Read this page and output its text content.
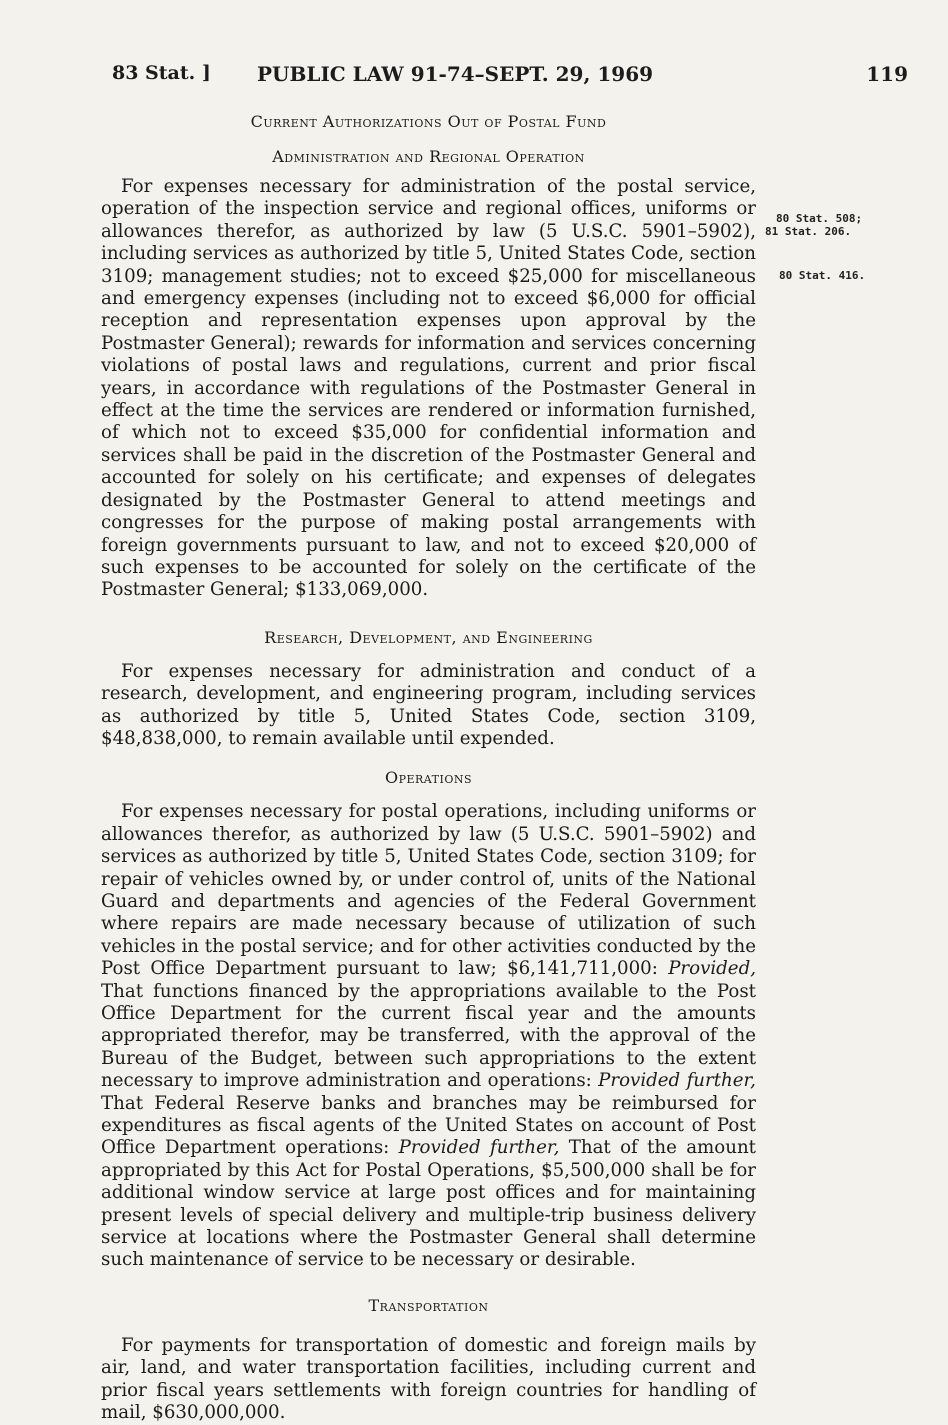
83 Stat. ] PUBLIC LAW 91-74–SEPT. 29, 1969	119

Current Authorizations Out of Postal Fund

Administration and Regional Operation

For expenses necessary for administration of the postal service, operation of the inspection service and regional offices, uniforms or allowances therefor, as authorized by law (5 U.S.C. 5901–5902), including services as authorized by title 5, United States Code, section 3109; management studies; not to exceed $25,000 for miscellaneous and emergency expenses (including not to exceed $6,000 for official reception and representation expenses upon approval by the Postmaster General); rewards for information and services concerning violations of postal laws and regulations, current and prior fiscal years, in accordance with regulations of the Postmaster General in effect at the time the services are rendered or information furnished, of which not to exceed $35,000 for confidential information and services shall be paid in the discretion of the Postmaster General and accounted for solely on his certificate; and expenses of delegates designated by the Postmaster General to attend meetings and congresses for the purpose of making postal arrangements with foreign governments pursuant to law, and not to exceed $20,000 of such expenses to be accounted for solely on the certificate of the Postmaster General; $133,069,000.

Research, Development, and Engineering

For expenses necessary for administration and conduct of a research, development, and engineering program, including services as authorized by title 5, United States Code, section 3109, $48,838,000, to remain available until expended.

Operations

For expenses necessary for postal operations, including uniforms or allowances therefor, as authorized by law (5 U.S.C. 5901–5902) and services as authorized by title 5, United States Code, section 3109; for repair of vehicles owned by, or under control of, units of the National Guard and departments and agencies of the Federal Government where repairs are made necessary because of utilization of such vehicles in the postal service; and for other activities conducted by the Post Office Department pursuant to law; $6,141,711,000: Provided, That functions financed by the appropriations available to the Post Office Department for the current fiscal year and the amounts appropriated therefor, may be transferred, with the approval of the Bureau of the Budget, between such appropriations to the extent necessary to improve administration and operations: Provided further, That Federal Reserve banks and branches may be reimbursed for expenditures as fiscal agents of the United States on account of Post Office Department operations: Provided further, That of the amount appropriated by this Act for Postal Operations, $5,500,000 shall be for additional window service at large post offices and for maintaining present levels of special delivery and multiple-trip business delivery service at locations where the Postmaster General shall determine such maintenance of service to be necessary or desirable.

Transportation

For payments for transportation of domestic and foreign mails by air, land, and water transportation facilities, including current and prior fiscal years settlements with foreign countries for handling of mail, $630,000,000.

80 Stat. 508;
81 Stat. 206.
80 Stat. 416.
